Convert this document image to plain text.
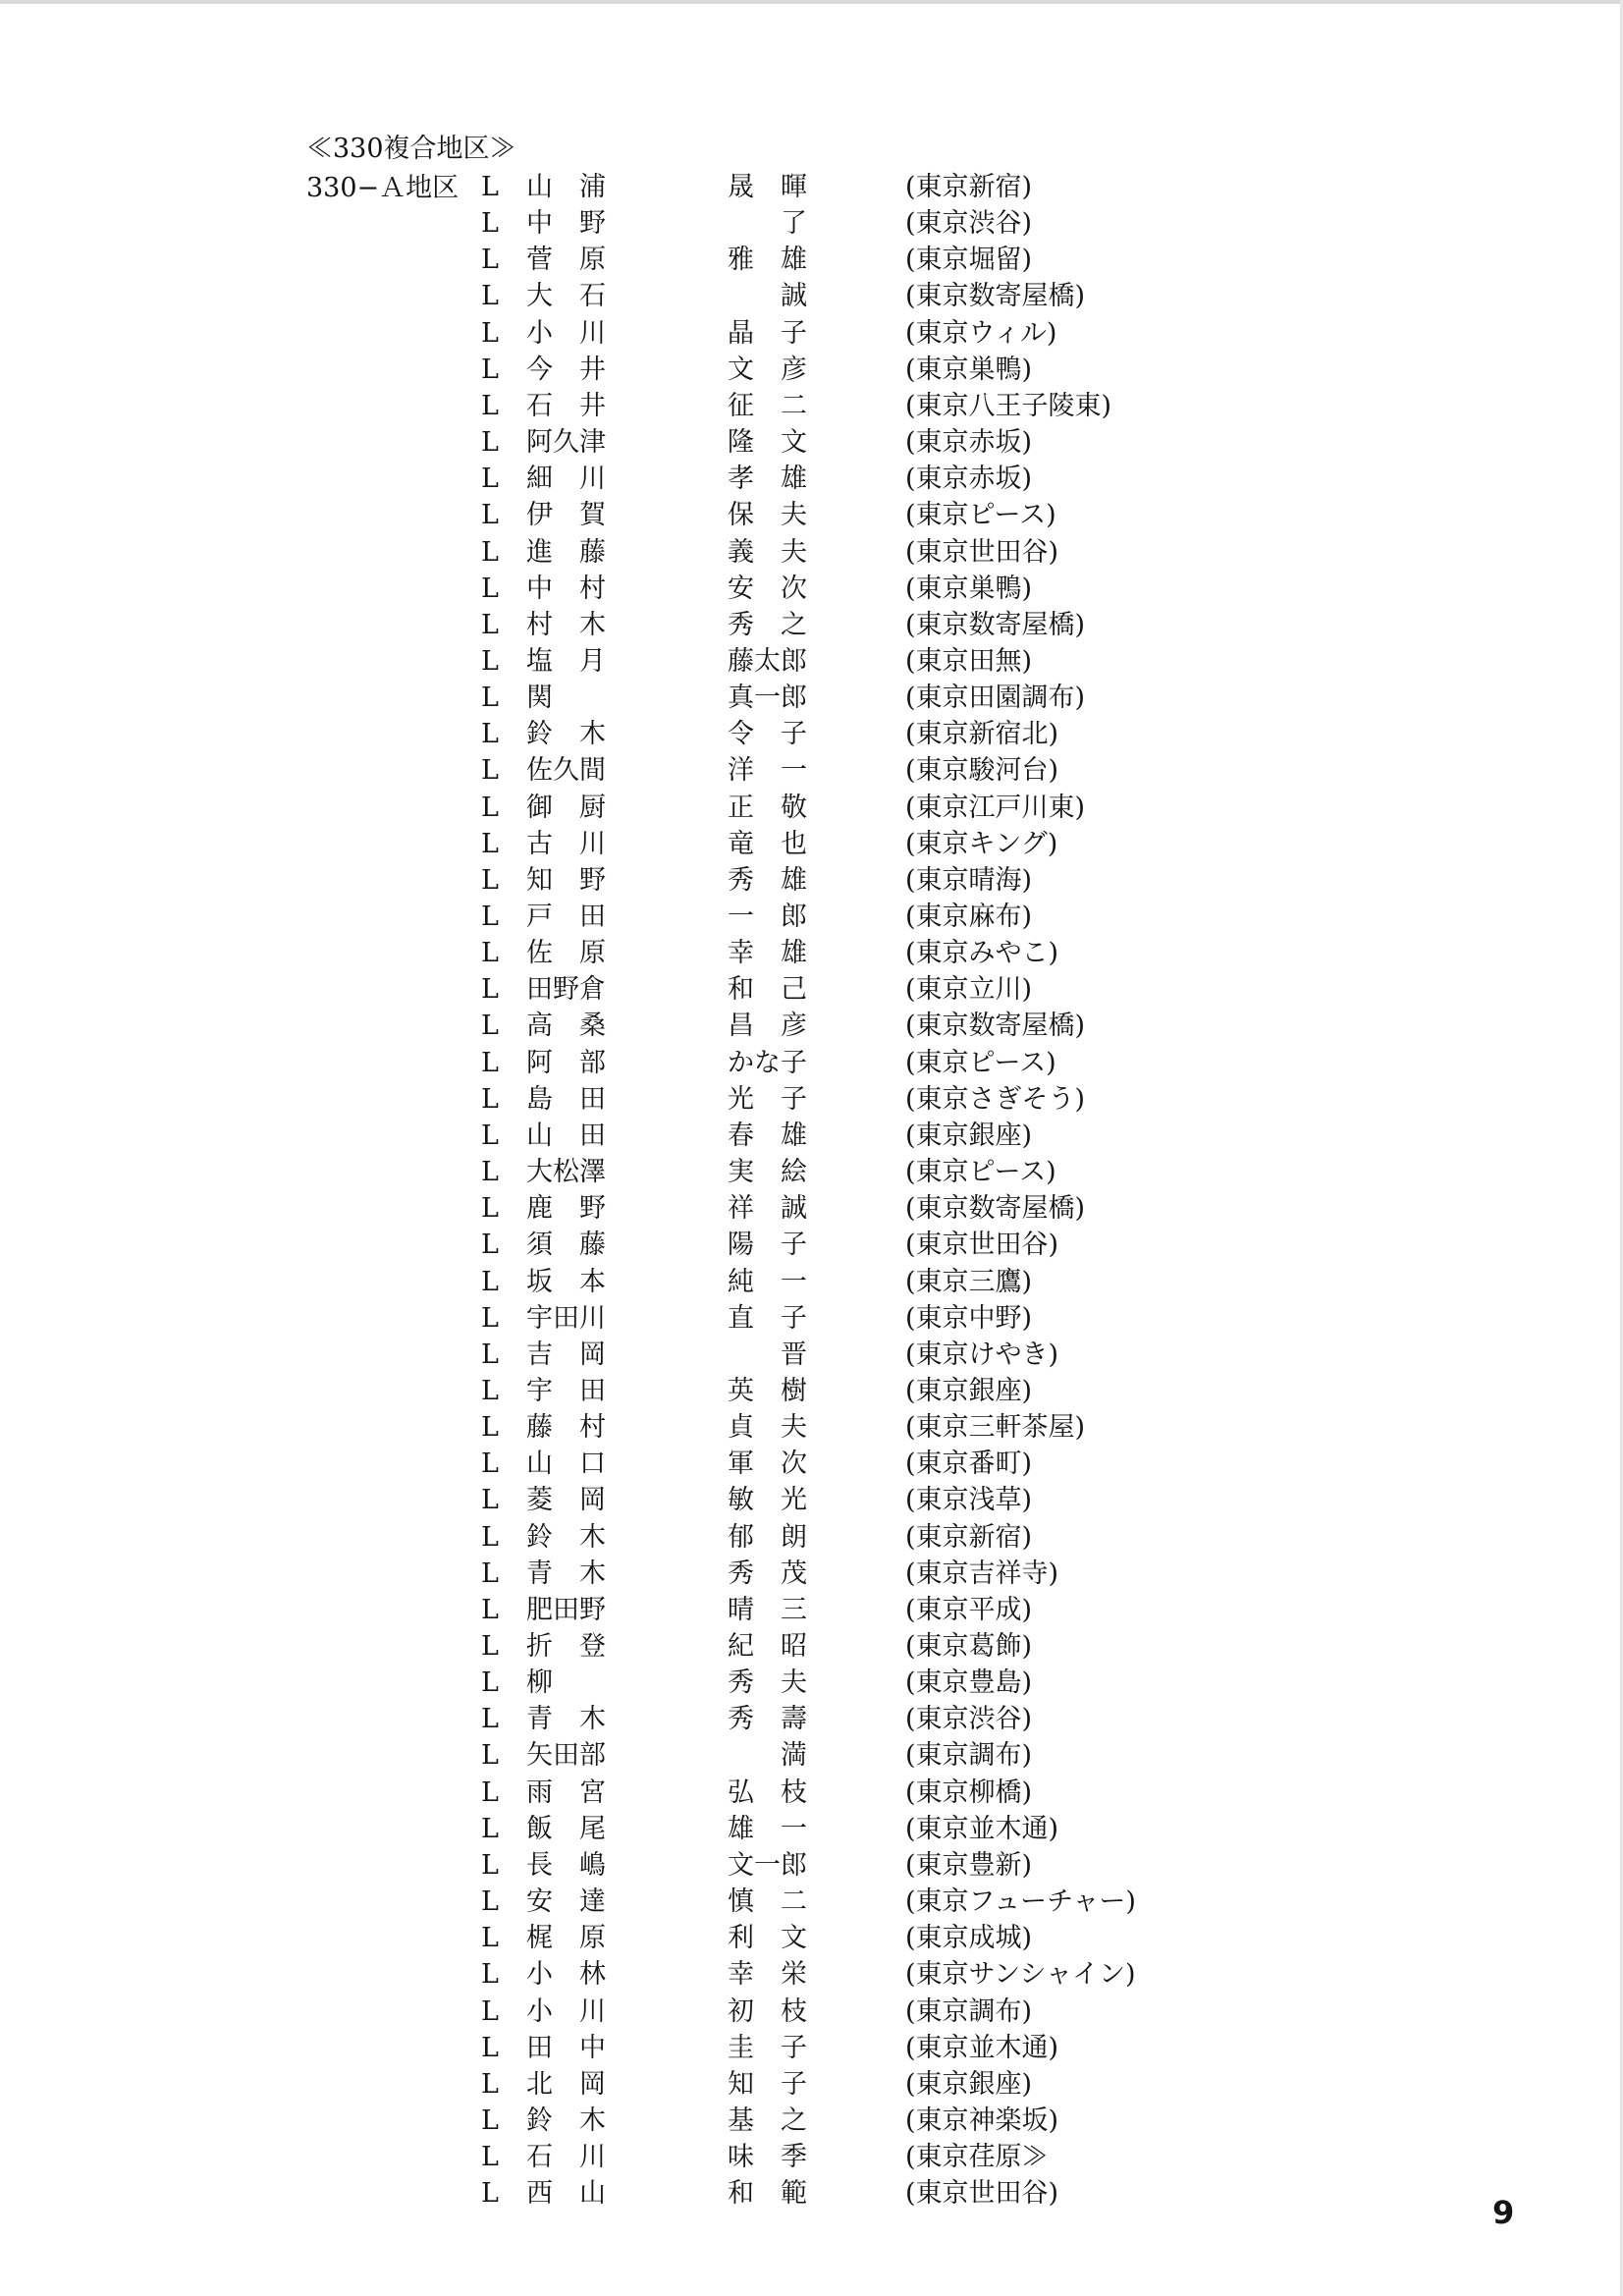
≪330複合地区≫
330−Ａ地区 L 山　浦	晟　暉	(東京新宿)
L 中　野	了	(東京渋谷)
L 菅　原	雅　雄	(東京堀留)
L 大　石	誠	(東京数寄屋橋)
L 小　川	晶　子	(東京ウィル)
L 今　井	文　彦	(東京巣鴨)
L 石　井	征　二	(東京八王子陵東)
L 阿久津	隆　文	(東京赤坂)
L 細　川	孝　雄	(東京赤坂)
L 伊　賀	保　夫	(東京ピース)
L 進　藤	義　夫	(東京世田谷)
L 中　村	安　次	(東京巣鴨)
L 村　木	秀　之	(東京数寄屋橋)
L 塩　月	藤太郎	(東京田無)
L 関	真一郎	(東京田園調布)
L 鈴　木	令　子	(東京新宿北)
L 佐久間	洋　一	(東京駿河台)
L 御　厨	正　敬	(東京江戸川東)
L 古　川	竜　也	(東京キング)
L 知　野	秀　雄	(東京晴海)
L 戸　田	一　郎	(東京麻布)
L 佐　原	幸　雄	(東京みやこ)
L 田野倉	和　己	(東京立川)
L 高　桑	昌　彦	(東京数寄屋橋)
L 阿　部	かな子	(東京ピース)
L 島　田	光　子	(東京さぎそう)
L 山　田	春　雄	(東京銀座)
L 大松澤	実　絵	(東京ピース)
L 鹿　野	祥　誠	(東京数寄屋橋)
L 須　藤	陽　子	(東京世田谷)
L 坂　本	純　一	(東京三鷹)
L 宇田川	直　子	(東京中野)
L 吉　岡	晋	(東京けやき)
L 宇　田	英　樹	(東京銀座)
L 藤　村	貞　夫	(東京三軒茶屋)
L 山　口	軍　次	(東京番町)
L 菱　岡	敏　光	(東京浅草)
L 鈴　木	郁　朗	(東京新宿)
L 青　木	秀　茂	(東京吉祥寺)
L 肥田野	晴　三	(東京平成)
L 折　登	紀　昭	(東京葛飾)
L 柳	秀　夫	(東京豊島)
L 青　木	秀　壽	(東京渋谷)
L 矢田部	満	(東京調布)
L 雨　宮	弘　枝	(東京柳橋)
L 飯　尾	雄　一	(東京並木通)
L 長　嶋	文一郎	(東京豊新)
L 安　達	慎　二	(東京フューチャー)
L 梶　原	利　文	(東京成城)
L 小　林	幸　栄	(東京サンシャイン)
L 小　川	初　枝	(東京調布)
L 田　中	圭　子	(東京並木通)
L 北　岡	知　子	(東京銀座)
L 鈴　木	基　之	(東京神楽坂)
L 石　川	味　季	(東京荏原≫
L 西　山	和　範	(東京世田谷)
9
